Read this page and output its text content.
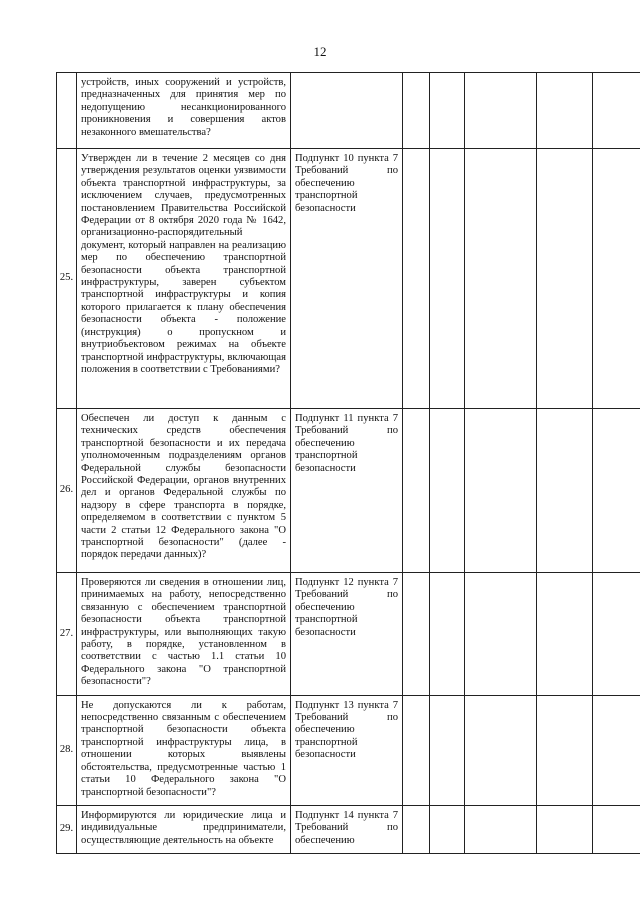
12
	устройств, иных сооружений и устройств, предназначенных для принятия мер по недопущению несанкционированного проникновения и совершения актов незаконного вмешательства?						
25.	Утвержден ли в течение 2 месяцев со дня утверждения результатов оценки уязвимости объекта транспортной инфраструктуры, за исключением случаев, предусмотренных постановлением Правительства Российской Федерации от 8 октября 2020 года № 1642, организационно-распорядительный документ, который направлен на реализацию мер по обеспечению транспортной безопасности объекта транспортной инфраструктуры, заверен субъектом транспортной инфраструктуры и копия которого прилагается к плану обеспечения безопасности объекта - положение (инструкция) о пропускном и внутриобъектовом режимах на объекте транспортной инфраструктуры, включающая положения в соответствии с Требованиями?	Подпункт 10 пункта 7 Требований по обеспечению транспортной безопасности					
26.	Обеспечен ли доступ к данным с технических средств обеспечения транспортной безопасности и их передача уполномоченным подразделениям органов Федеральной службы безопасности Российской Федерации, органов внутренних дел и органов Федеральной службы по надзору в сфере транспорта в порядке, определяемом в соответствии с пунктом 5 части 2 статьи 12 Федерального закона "О транспортной безопасности" (далее - порядок передачи данных)?	Подпункт 11 пункта 7 Требований по обеспечению транспортной безопасности					
27.	Проверяются ли сведения в отношении лиц, принимаемых на работу, непосредственно связанную с обеспечением транспортной безопасности объекта транспортной инфраструктуры, или выполняющих такую работу, в порядке, установленном в соответствии с частью 1.1 статьи 10 Федерального закона "О транспортной безопасности"?	Подпункт 12 пункта 7 Требований по обеспечению транспортной безопасности					
28.	Не допускаются ли к работам, непосредственно связанным с обеспечением транспортной безопасности объекта транспортной инфраструктуры лица, в отношении которых выявлены обстоятельства, предусмотренные частью 1 статьи 10 Федерального закона "О транспортной безопасности"?	Подпункт 13 пункта 7 Требований по обеспечению транспортной безопасности					
29.	Информируются ли юридические лица и индивидуальные предприниматели, осуществляющие деятельность на объекте	Подпункт 14 пункта 7 Требований по обеспечению					
